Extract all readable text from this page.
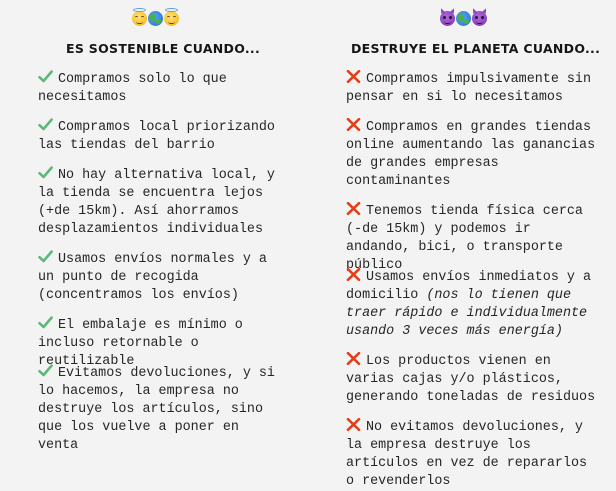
ES SOSTENIBLE CUANDO...
Compramos solo lo que necesitamos
Compramos local priorizando las tiendas del barrio
No hay alternativa local, y la tienda se encuentra lejos (+de 15km). Así ahorramos desplazamientos individuales
Usamos envíos normales y a un punto de recogida (concentramos los envíos)
El embalaje es mínimo o incluso retornable o reutilizable
Evitamos devoluciones, y si lo hacemos, la empresa no destruye los artículos, sino que los vuelve a poner en venta
DESTRUYE EL PLANETA CUANDO...
Compramos impulsivamente sin pensar en si lo necesitamos
Compramos en grandes tiendas online aumentando las ganancias de grandes empresas contaminantes
Tenemos tienda física cerca (-de 15km) y podemos ir andando, bici, o transporte público
Usamos envíos inmediatos y a domicilio (nos lo tienen que traer rápido e individualmente usando 3 veces más energía)
Los productos vienen en varias cajas y/o plásticos, generando toneladas de residuos
No evitamos devoluciones, y la empresa destruye los artículos en vez de repararlos o revenderlos
